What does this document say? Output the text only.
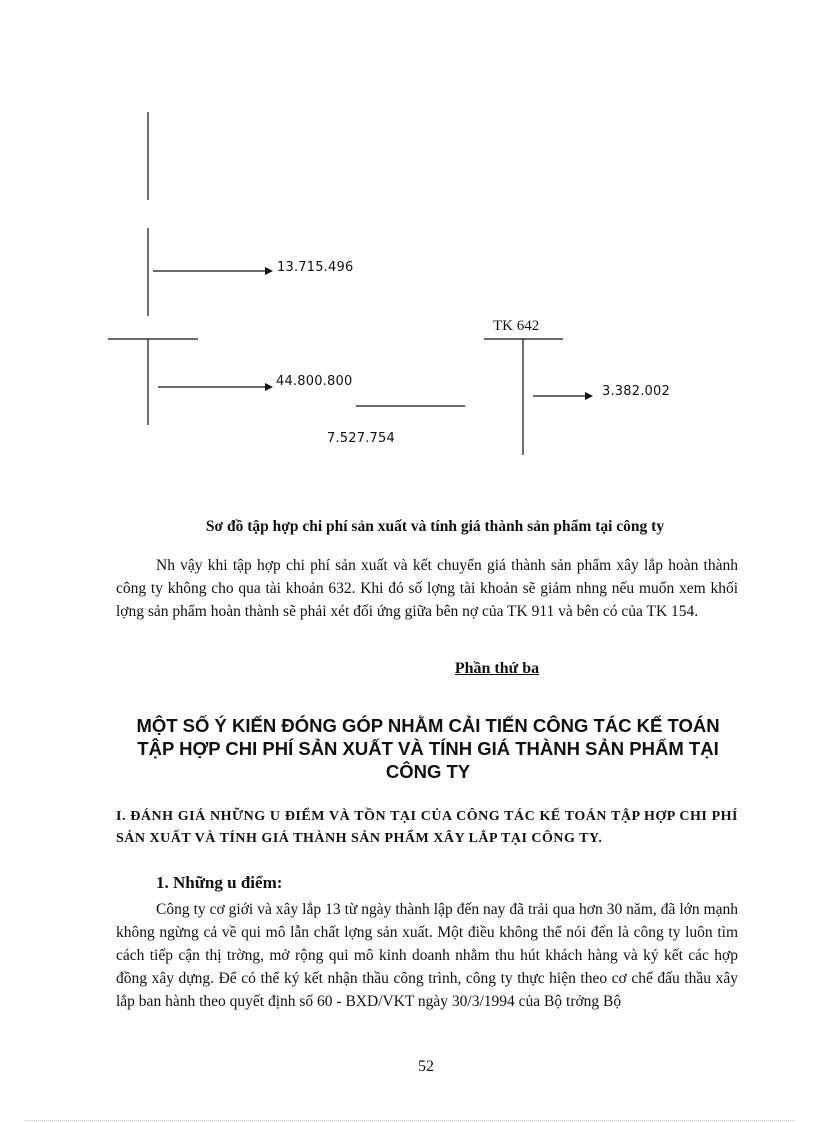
13.715.496
44.800.800
7.527.754
3.382.002
TK 642
Sơ đồ tập hợp chi phí sản xuất và tính giá thành sản phẩm tại công ty
Nh vậy khi tập hợp chi phí sản xuất và kết chuyển giá thành sản phẩm xây lắp hoàn thành công ty không cho qua tài khoản 632. Khi đó số lợng tài khoản sẽ giảm nhng nếu muốn xem khối lợng sản phẩm hoàn thành sẽ phải xét đối ứng giữa bên nợ của TK 911 và bên có của TK 154.
Phần thứ ba
MỘT SỐ Ý KIẾN ĐÓNG GÓP NHẰM CẢI TIẾN CÔNG TÁC KẾ TOÁN TẬP HỢP CHI PHÍ SẢN XUẤT VÀ TÍNH GIÁ THÀNH SẢN PHẨM TẠI CÔNG TY
I. ĐÁNH GIÁ NHỮNG U ĐIỂM VÀ TỒN TẠI CỦA CÔNG TÁC KẾ TOÁN TẬP HỢP CHI PHÍ SẢN XUẤT VÀ TÍNH GIÁ THÀNH SẢN PHẨM XÂY LẮP TẠI CÔNG TY.
1. Những u điểm:
Công ty cơ giới và xây lắp 13 từ ngày thành lập đến nay đã trải qua hơn 30 năm, đã lớn mạnh không ngừng cả về qui mô lẫn chất lợng sản xuất. Một điều không thể nói đến là công ty luôn tìm cách tiếp cận thị trờng, mở rộng qui mô kinh doanh nhằm thu hút khách hàng và ký kết các hợp đồng xây dựng. Để có thể ký kết nhận thầu công trình, công ty thực hiện theo cơ chế đấu thầu xây lắp ban hành theo quyết định số 60 - BXD/VKT ngày 30/3/1994 của Bộ trởng Bộ
52
